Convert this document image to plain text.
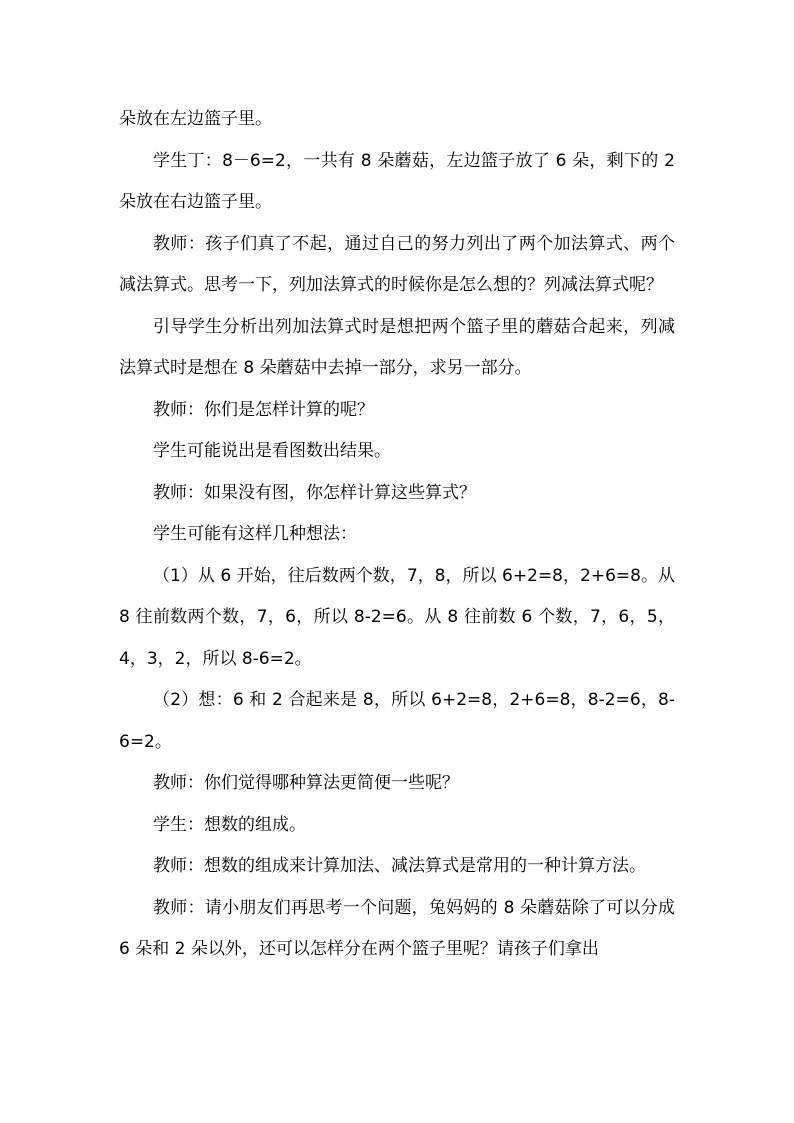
朵放在左边篮子里。

学生丁：8－6=2，一共有 8 朵蘑菇，左边篮子放了 6 朵，剩下的 2 朵放在右边篮子里。

教师：孩子们真了不起，通过自己的努力列出了两个加法算式、两个减法算式。思考一下，列加法算式的时候你是怎么想的？列减法算式呢？

引导学生分析出列加法算式时是想把两个篮子里的蘑菇合起来，列减法算式时是想在 8 朵蘑菇中去掉一部分，求另一部分。

教师：你们是怎样计算的呢？

学生可能说出是看图数出结果。

教师：如果没有图，你怎样计算这些算式？

学生可能有这样几种想法：

（1）从 6 开始，往后数两个数，7，8，所以 6+2=8，2+6=8。从 8 往前数两个数，7，6，所以 8-2=6。从 8 往前数 6 个数，7，6，5，4，3，2，所以 8-6=2。

（2）想：6 和 2 合起来是 8，所以 6+2=8，2+6=8，8-2=6，8-6=2。

教师：你们觉得哪种算法更简便一些呢？

学生：想数的组成。

教师：想数的组成来计算加法、减法算式是常用的一种计算方法。

教师：请小朋友们再思考一个问题，兔妈妈的 8 朵蘑菇除了可以分成 6 朵和 2 朵以外，还可以怎样分在两个篮子里呢？请孩子们拿出
